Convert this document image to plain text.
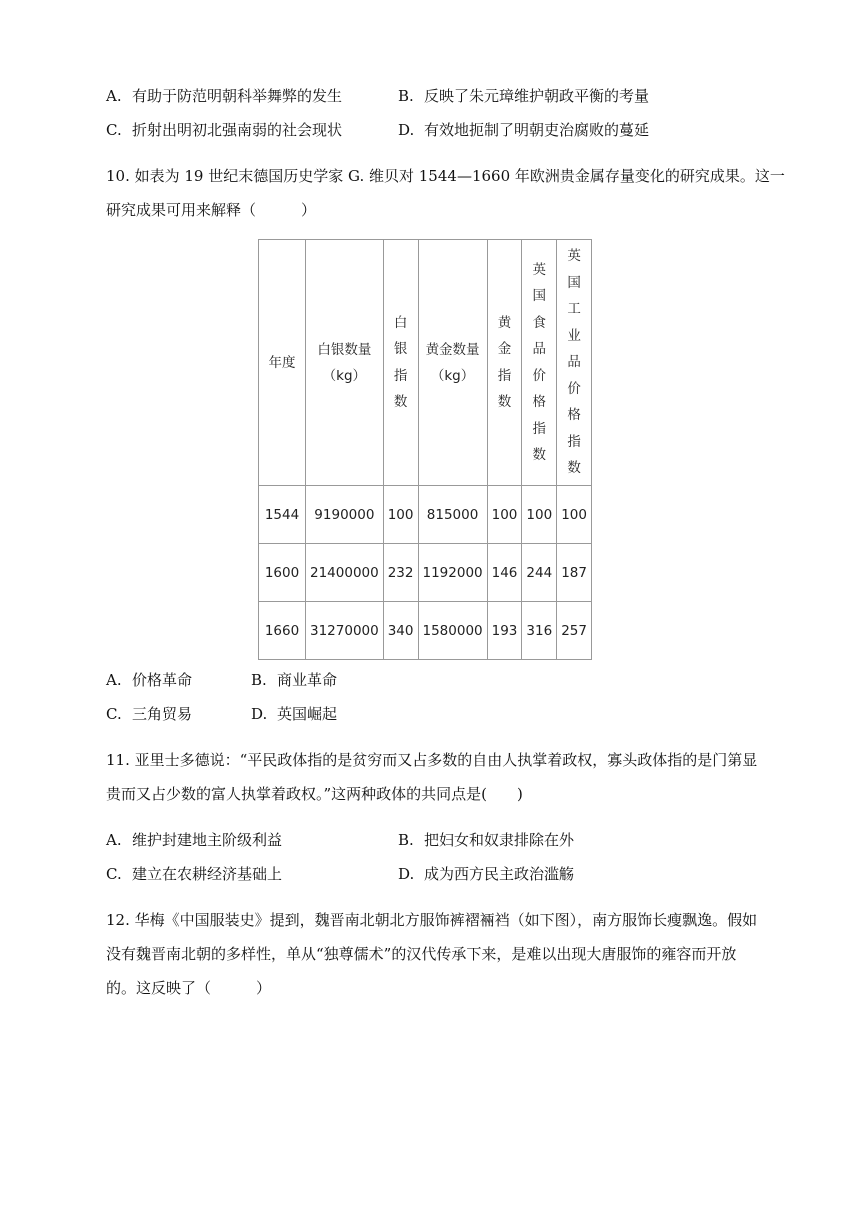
A. 有助于防范明朝科举舞弊的发生	B. 反映了朱元璋维护朝政平衡的考量
C. 折射出明初北强南弱的社会现状	D. 有效地扼制了明朝吏治腐败的蔓延
10. 如表为 19 世纪末德国历史学家 G. 维贝对 1544—1660 年欧洲贵金属存量变化的研究成果。这一
研究成果可用来解释（　　　）
年度	白银数量（kg）	白银指数	黄金数量（kg）	黄金指数	英国食品价格指数	英国工业品价格指数
1544	9190000	100	815000	100	100	100
1600	21400000	232	1192000	146	244	187
1660	31270000	340	1580000	193	316	257
A. 价格革命	B. 商业革命
C. 三角贸易	D. 英国崛起
11. 亚里士多德说：“平民政体指的是贫穷而又占多数的自由人执掌着政权，寡头政体指的是门第显
贵而又占少数的富人执掌着政权。”这两种政体的共同点是(　　)
A. 维护封建地主阶级利益	B. 把妇女和奴隶排除在外
C. 建立在农耕经济基础上	D. 成为西方民主政治滥觞
12. 华梅《中国服装史》提到，魏晋南北朝北方服饰裤褶裲裆（如下图），南方服饰长瘦飘逸。假如
没有魏晋南北朝的多样性，单从“独尊儒术”的汉代传承下来，是难以出现大唐服饰的雍容而开放
的。这反映了（　　　）
